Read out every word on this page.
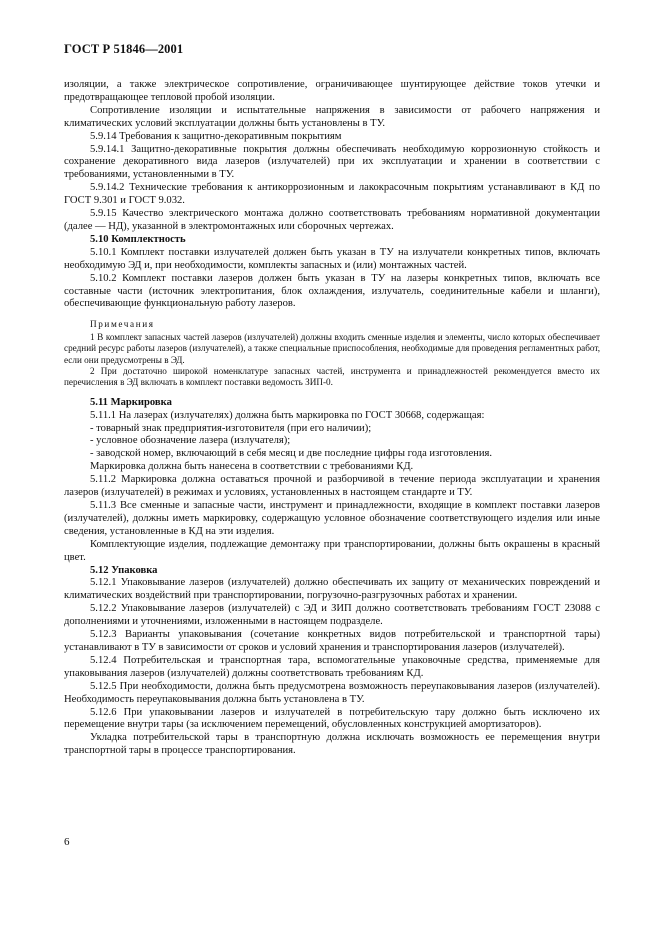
ГОСТ Р 51846—2001

изоляции, а также электрическое сопротивление, ограничивающее шунтирующее действие токов утечки и предотвращающее тепловой пробой изоляции.

Сопротивление изоляции и испытательные напряжения в зависимости от рабочего напряжения и климатических условий эксплуатации должны быть установлены в ТУ.

5.9.14 Требования к защитно-декоративным покрытиям

5.9.14.1 Защитно-декоративные покрытия должны обеспечивать необходимую коррозионную стойкость и сохранение декоративного вида лазеров (излучателей) при их эксплуатации и хранении в соответствии с требованиями, установленными в ТУ.

5.9.14.2 Технические требования к антикоррозионным и лакокрасочным покрытиям устанавливают в КД по ГОСТ 9.301 и ГОСТ 9.032.

5.9.15 Качество электрического монтажа должно соответствовать требованиям нормативной документации (далее — НД), указанной в электромонтажных или сборочных чертежах.

5.10 Комплектность

5.10.1 Комплект поставки излучателей должен быть указан в ТУ на излучатели конкретных типов, включать необходимую ЭД и, при необходимости, комплекты запасных и (или) монтажных частей.

5.10.2 Комплект поставки лазеров должен быть указан в ТУ на лазеры конкретных типов, включать все составные части (источник электропитания, блок охлаждения, излучатель, соединительные кабели и шланги), обеспечивающие функциональную работу лазеров.

Примечания

1 В комплект запасных частей лазеров (излучателей) должны входить сменные изделия и элементы, число которых обеспечивает средний ресурс работы лазеров (излучателей), а также специальные приспособления, необходимые для проведения регламентных работ, если они предусмотрены в ЭД.

2 При достаточно широкой номенклатуре запасных частей, инструмента и принадлежностей рекомендуется вместо их перечисления в ЭД включать в комплект поставки ведомость ЗИП-0.

5.11 Маркировка

5.11.1 На лазерах (излучателях) должна быть маркировка по ГОСТ 30668, содержащая:

- товарный знак предприятия-изготовителя (при его наличии);

- условное обозначение лазера (излучателя);

- заводской номер, включающий в себя месяц и две последние цифры года изготовления.

Маркировка должна быть нанесена в соответствии с требованиями КД.

5.11.2 Маркировка должна оставаться прочной и разборчивой в течение периода эксплуатации и хранения лазеров (излучателей) в режимах и условиях, установленных в настоящем стандарте и ТУ.

5.11.3 Все сменные и запасные части, инструмент и принадлежности, входящие в комплект поставки лазеров (излучателей), должны иметь маркировку, содержащую условное обозначение соответствующего изделия или иные сведения, установленные в КД на эти изделия.

Комплектующие изделия, подлежащие демонтажу при транспортировании, должны быть окрашены в красный цвет.

5.12 Упаковка

5.12.1 Упаковывание лазеров (излучателей) должно обеспечивать их защиту от механических повреждений и климатических воздействий при транспортировании, погрузочно-разгрузочных работах и хранении.

5.12.2 Упаковывание лазеров (излучателей) с ЭД и ЗИП должно соответствовать требованиям ГОСТ 23088 с дополнениями и уточнениями, изложенными в настоящем подразделе.

5.12.3 Варианты упаковывания (сочетание конкретных видов потребительской и транспортной тары) устанавливают в ТУ в зависимости от сроков и условий хранения и транспортирования лазеров (излучателей).

5.12.4 Потребительская и транспортная тара, вспомогательные упаковочные средства, применяемые для упаковывания лазеров (излучателей) должны соответствовать требованиям КД.

5.12.5 При необходимости, должна быть предусмотрена возможность переупаковывания лазеров (излучателей). Необходимость переупаковывания должна быть установлена в ТУ.

5.12.6 При упаковывании лазеров и излучателей в потребительскую тару должно быть исключено их перемещение внутри тары (за исключением перемещений, обусловленных конструкцией амортизаторов).

Укладка потребительской тары в транспортную должна исключать возможность ее перемещения внутри транспортной тары в процессе транспортирования.

6
